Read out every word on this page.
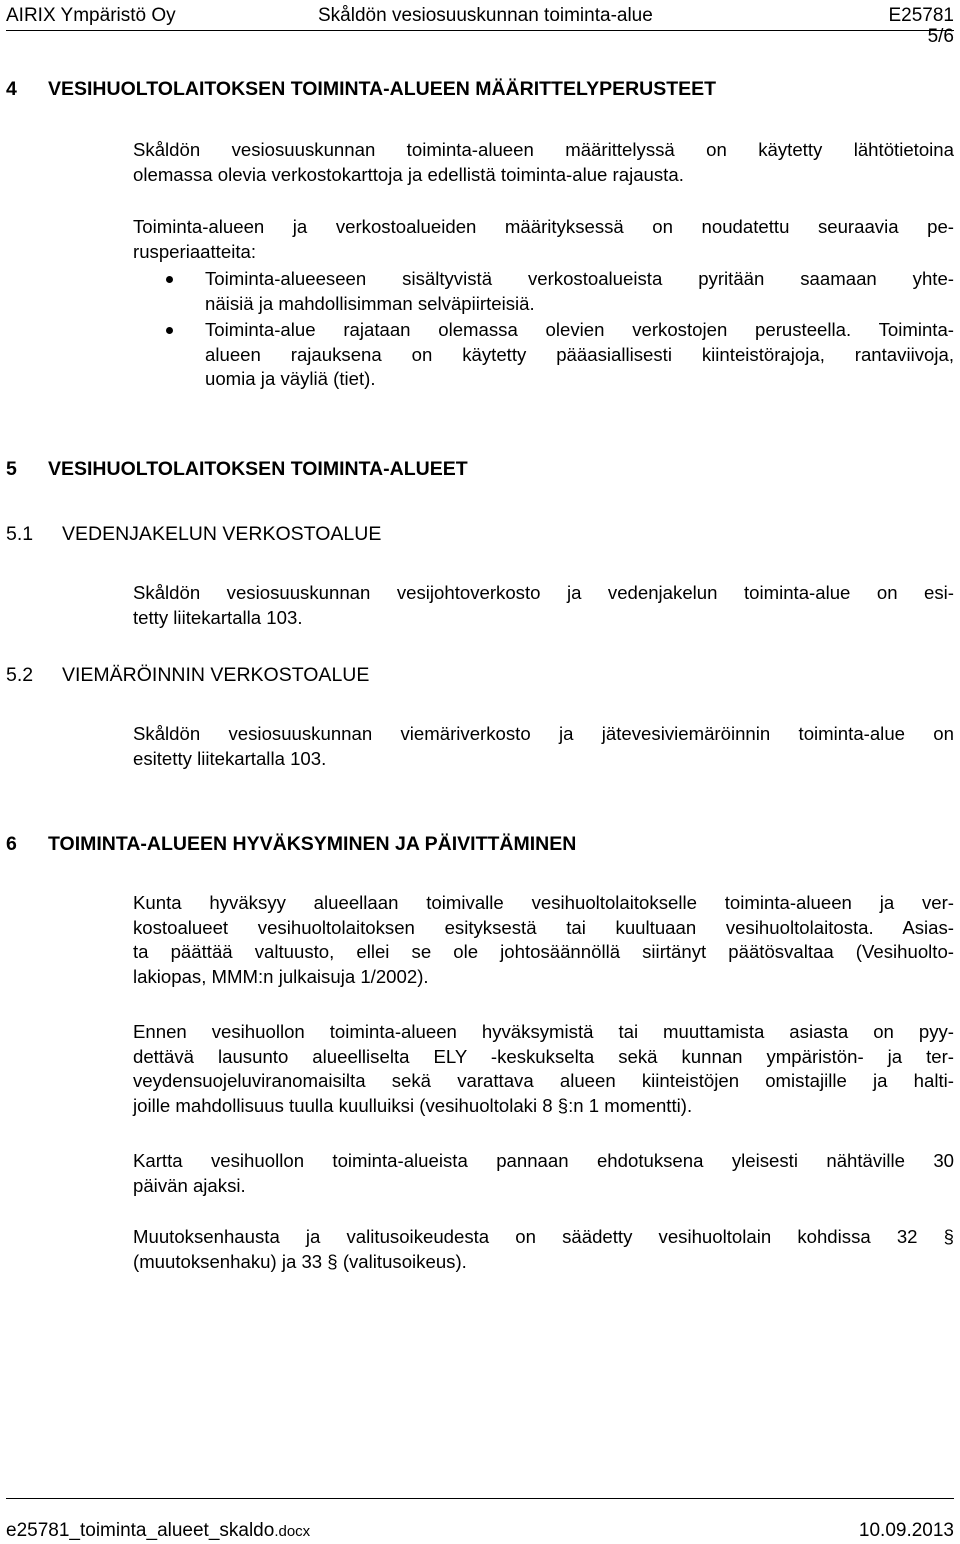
AIRIX Ympäristö Oy	Skåldön vesiosuuskunnan toiminta-alue	E25781
5/6
4 VESIHUOLTOLAITOKSEN TOIMINTA-ALUEEN MÄÄRITTELYPERUSTEET
Skåldön vesiosuuskunnan toiminta-alueen määrittelyssä on käytetty lähtötietoina
olemassa olevia verkostokarttoja ja edellistä toiminta-alue rajausta.
Toiminta-alueen ja verkostoalueiden määrityksessä on noudatettu seuraavia pe-
rusperiaatteita:
Toiminta-alueeseen sisältyvistä verkostoalueista pyritään saamaan yhte-
näisiä ja mahdollisimman selväpiirteisiä.
Toiminta-alue rajataan olemassa olevien verkostojen perusteella. Toiminta-
alueen rajauksena on käytetty pääasiallisesti kiinteistörajoja, rantaviivoja,
uomia ja väyliä (tiet).
5 VESIHUOLTOLAITOKSEN TOIMINTA-ALUEET
5.1 VEDENJAKELUN VERKOSTOALUE
Skåldön vesiosuuskunnan vesijohtoverkosto ja vedenjakelun toiminta-alue on esi-
tetty liitekartalla 103.
5.2 VIEMÄRÖINNIN VERKOSTOALUE
Skåldön vesiosuuskunnan viemäriverkosto ja jätevesiviemäröinnin toiminta-alue on
esitetty liitekartalla 103.
6 TOIMINTA-ALUEEN HYVÄKSYMINEN JA PÄIVITTÄMINEN
Kunta hyväksyy alueellaan toimivalle vesihuoltolaitokselle toiminta-alueen ja ver-
kostoalueet vesihuoltolaitoksen esityksestä tai kuultuaan vesihuoltolaitosta. Asias-
ta päättää valtuusto, ellei se ole johtosäännöllä siirtänyt päätösvaltaa (Vesihuolto-
lakiopas, MMM:n julkaisuja 1/2002).
Ennen vesihuollon toiminta-alueen hyväksymistä tai muuttamista asiasta on pyy-
dettävä lausunto alueelliselta ELY -keskukselta sekä kunnan ympäristön- ja ter-
veydensuojeluviranomaisilta sekä varattava alueen kiinteistöjen omistajille ja halti-
joille mahdollisuus tuulla kuulluiksi (vesihuoltolaki 8 §:n 1 momentti).
Kartta vesihuollon toiminta-alueista pannaan ehdotuksena yleisesti nähtäville 30
päivän ajaksi.
Muutoksenhausta ja valitusoikeudesta on säädetty vesihuoltolain kohdissa 32 §
(muutoksenhaku) ja 33 § (valitusoikeus).
e25781_toiminta_alueet_skaldo.docx	10.09.2013
